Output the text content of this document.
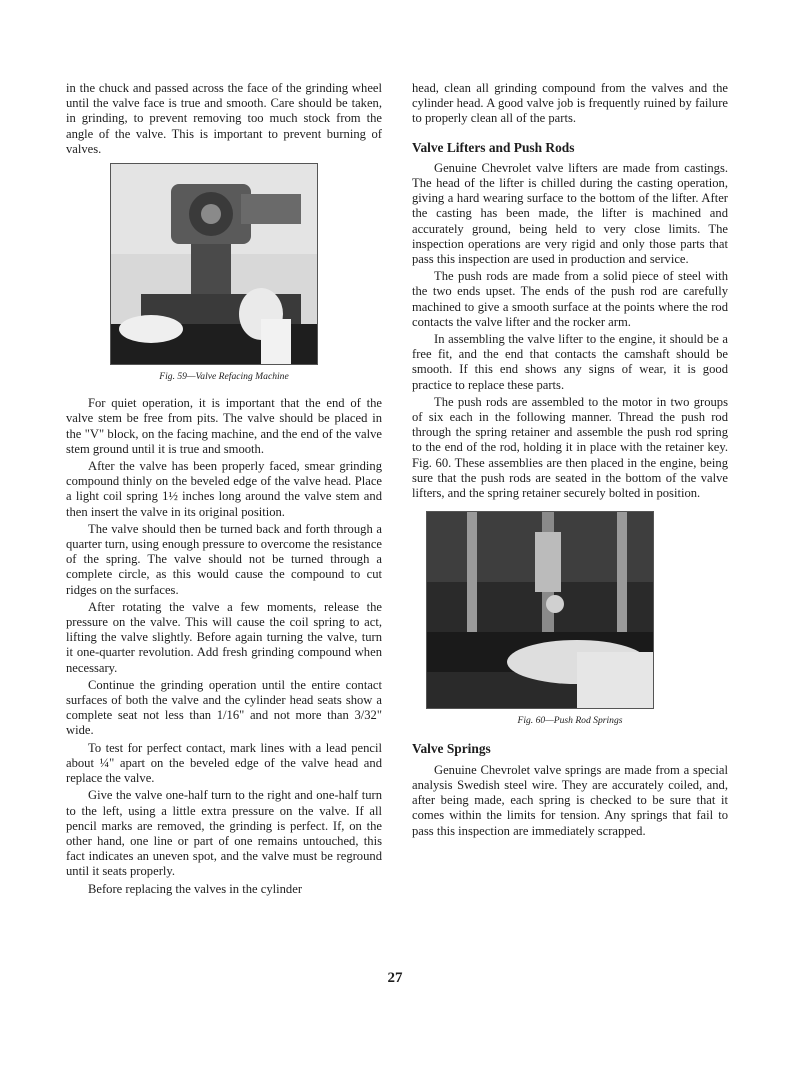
in the chuck and passed across the face of the grinding wheel until the valve face is true and smooth. Care should be taken, in grinding, to prevent removing too much stock from the angle of the valve. This is important to prevent burning of valves.

Fig. 59—Valve Refacing Machine

For quiet operation, it is important that the end of the valve stem be free from pits. The valve should be placed in the "V" block, on the facing machine, and the end of the valve stem ground until it is true and smooth.

After the valve has been properly faced, smear grinding compound thinly on the beveled edge of the valve head. Place a light coil spring 1½ inches long around the valve stem and then insert the valve in its original position.

The valve should then be turned back and forth through a quarter turn, using enough pressure to overcome the resistance of the spring. The valve should not be turned through a complete circle, as this would cause the compound to cut ridges on the surfaces.

After rotating the valve a few moments, release the pressure on the valve. This will cause the coil spring to act, lifting the valve slightly. Before again turning the valve, turn it one-quarter revolution. Add fresh grinding compound when necessary.

Continue the grinding operation until the entire contact surfaces of both the valve and the cylinder head seats show a complete seat not less than 1/16" and not more than 3/32" wide.

To test for perfect contact, mark lines with a lead pencil about ¼" apart on the beveled edge of the valve head and replace the valve.

Give the valve one-half turn to the right and one-half turn to the left, using a little extra pressure on the valve. If all pencil marks are removed, the grinding is perfect. If, on the other hand, one line or part of one remains untouched, this fact indicates an uneven spot, and the valve must be reground until it seats properly.

Before replacing the valves in the cylinder

head, clean all grinding compound from the valves and the cylinder head. A good valve job is frequently ruined by failure to properly clean all of the parts.

Valve Lifters and Push Rods

Genuine Chevrolet valve lifters are made from castings. The head of the lifter is chilled during the casting operation, giving a hard wearing surface to the bottom of the lifter. After the casting has been made, the lifter is machined and accurately ground, being held to very close limits. The inspection operations are very rigid and only those parts that pass this inspection are used in production and service.

The push rods are made from a solid piece of steel with the two ends upset. The ends of the push rod are carefully machined to give a smooth surface at the points where the rod contacts the valve lifter and the rocker arm.

In assembling the valve lifter to the engine, it should be a free fit, and the end that contacts the camshaft should be smooth. If this end shows any signs of wear, it is good practice to replace these parts.

The push rods are assembled to the motor in two groups of six each in the following manner. Thread the push rod through the spring retainer and assemble the push rod spring to the end of the rod, holding it in place with the retainer key. Fig. 60. These assemblies are then placed in the engine, being sure that the push rods are seated in the bottom of the valve lifters, and the spring retainer securely bolted in position.

Fig. 60—Push Rod Springs

Valve Springs

Genuine Chevrolet valve springs are made from a special analysis Swedish steel wire. They are accurately coiled, and, after being made, each spring is checked to be sure that it comes within the limits for tension. Any springs that fail to pass this inspection are immediately scrapped.

27
